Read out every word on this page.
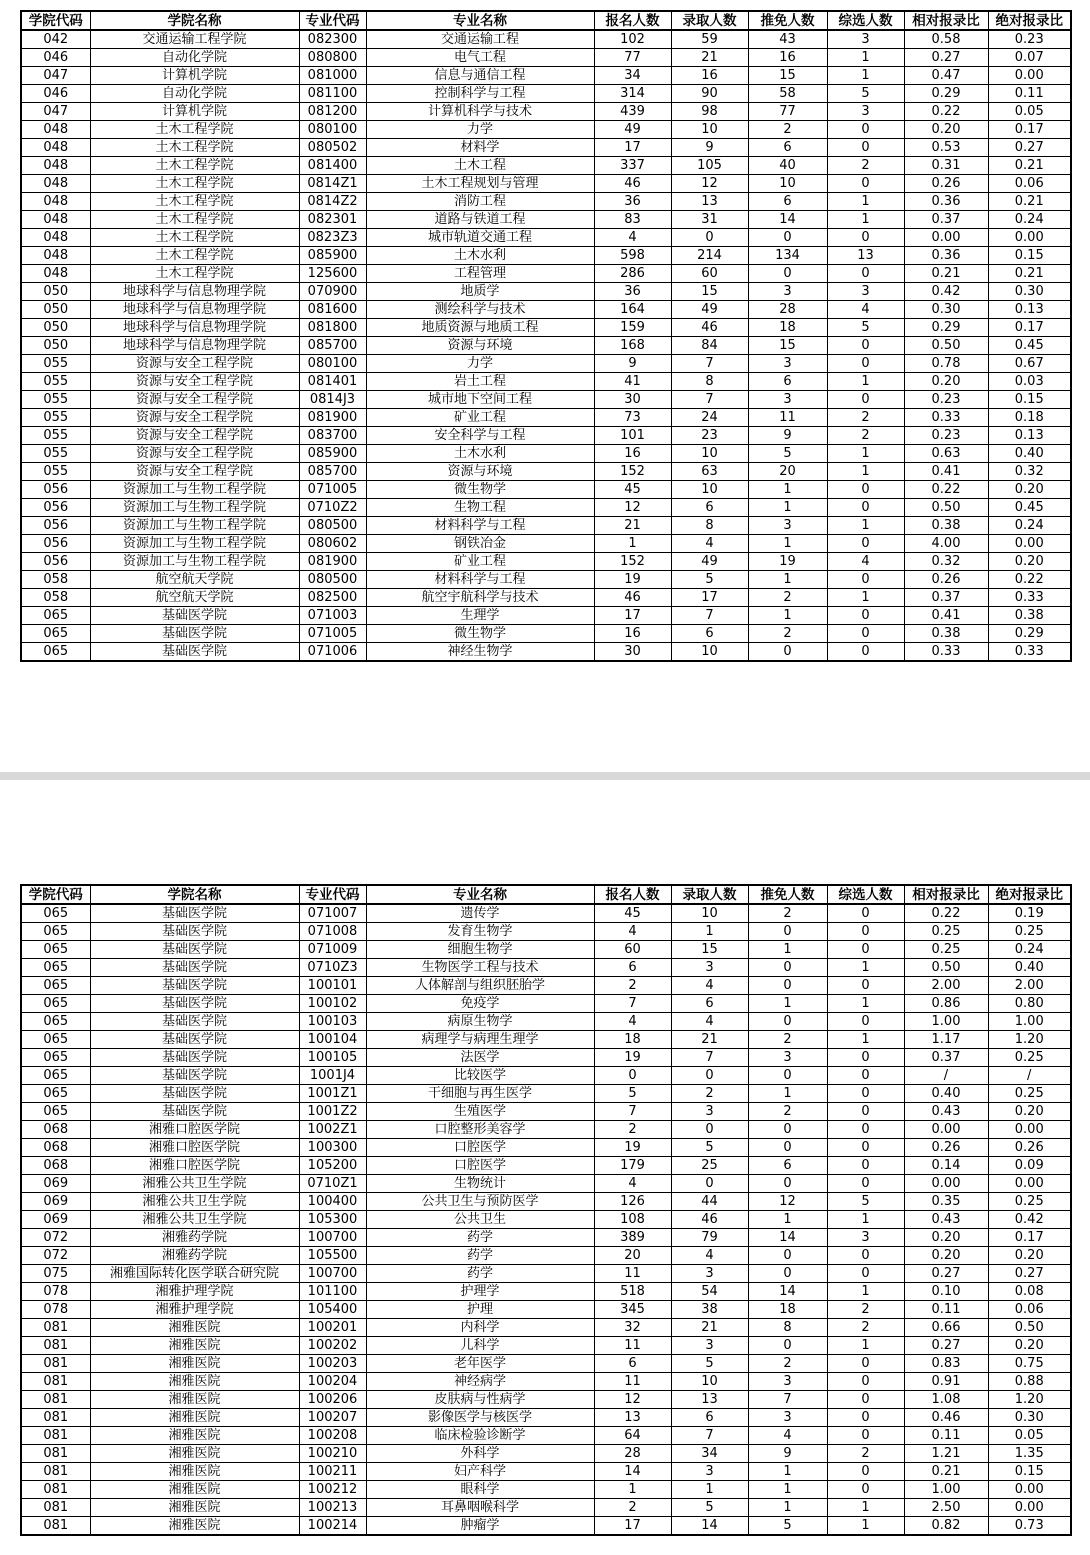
学院代码	学院名称	专业代码	专业名称	报名人数	录取人数	推免人数	综选人数	相对报录比	绝对报录比
042	交通运输工程学院	082300	交通运输工程	102	59	43	3	0.58	0.23
046	自动化学院	080800	电气工程	77	21	16	1	0.27	0.07
047	计算机学院	081000	信息与通信工程	34	16	15	1	0.47	0.00
046	自动化学院	081100	控制科学与工程	314	90	58	5	0.29	0.11
047	计算机学院	081200	计算机科学与技术	439	98	77	3	0.22	0.05
048	土木工程学院	080100	力学	49	10	2	0	0.20	0.17
048	土木工程学院	080502	材料学	17	9	6	0	0.53	0.27
048	土木工程学院	081400	土木工程	337	105	40	2	0.31	0.21
048	土木工程学院	0814Z1	土木工程规划与管理	46	12	10	0	0.26	0.06
048	土木工程学院	0814Z2	消防工程	36	13	6	1	0.36	0.21
048	土木工程学院	082301	道路与铁道工程	83	31	14	1	0.37	0.24
048	土木工程学院	0823Z3	城市轨道交通工程	4	0	0	0	0.00	0.00
048	土木工程学院	085900	土木水利	598	214	134	13	0.36	0.15
048	土木工程学院	125600	工程管理	286	60	0	0	0.21	0.21
050	地球科学与信息物理学院	070900	地质学	36	15	3	3	0.42	0.30
050	地球科学与信息物理学院	081600	测绘科学与技术	164	49	28	4	0.30	0.13
050	地球科学与信息物理学院	081800	地质资源与地质工程	159	46	18	5	0.29	0.17
050	地球科学与信息物理学院	085700	资源与环境	168	84	15	0	0.50	0.45
055	资源与安全工程学院	080100	力学	9	7	3	0	0.78	0.67
055	资源与安全工程学院	081401	岩土工程	41	8	6	1	0.20	0.03
055	资源与安全工程学院	0814J3	城市地下空间工程	30	7	3	0	0.23	0.15
055	资源与安全工程学院	081900	矿业工程	73	24	11	2	0.33	0.18
055	资源与安全工程学院	083700	安全科学与工程	101	23	9	2	0.23	0.13
055	资源与安全工程学院	085900	土木水利	16	10	5	1	0.63	0.40
055	资源与安全工程学院	085700	资源与环境	152	63	20	1	0.41	0.32
056	资源加工与生物工程学院	071005	微生物学	45	10	1	0	0.22	0.20
056	资源加工与生物工程学院	0710Z2	生物工程	12	6	1	0	0.50	0.45
056	资源加工与生物工程学院	080500	材料科学与工程	21	8	3	1	0.38	0.24
056	资源加工与生物工程学院	080602	钢铁冶金	1	4	1	0	4.00	0.00
056	资源加工与生物工程学院	081900	矿业工程	152	49	19	4	0.32	0.20
058	航空航天学院	080500	材料科学与工程	19	5	1	0	0.26	0.22
058	航空航天学院	082500	航空宇航科学与技术	46	17	2	1	0.37	0.33
065	基础医学院	071003	生理学	17	7	1	0	0.41	0.38
065	基础医学院	071005	微生物学	16	6	2	0	0.38	0.29
065	基础医学院	071006	神经生物学	30	10	0	0	0.33	0.33
学院代码	学院名称	专业代码	专业名称	报名人数	录取人数	推免人数	综选人数	相对报录比	绝对报录比
065	基础医学院	071007	遗传学	45	10	2	0	0.22	0.19
065	基础医学院	071008	发育生物学	4	1	0	0	0.25	0.25
065	基础医学院	071009	细胞生物学	60	15	1	0	0.25	0.24
065	基础医学院	0710Z3	生物医学工程与技术	6	3	0	1	0.50	0.40
065	基础医学院	100101	人体解剖与组织胚胎学	2	4	0	0	2.00	2.00
065	基础医学院	100102	免疫学	7	6	1	1	0.86	0.80
065	基础医学院	100103	病原生物学	4	4	0	0	1.00	1.00
065	基础医学院	100104	病理学与病理生理学	18	21	2	1	1.17	1.20
065	基础医学院	100105	法医学	19	7	3	0	0.37	0.25
065	基础医学院	1001J4	比较医学	0	0	0	0	/	/
065	基础医学院	1001Z1	干细胞与再生医学	5	2	1	0	0.40	0.25
065	基础医学院	1001Z2	生殖医学	7	3	2	0	0.43	0.20
068	湘雅口腔医学院	1002Z1	口腔整形美容学	2	0	0	0	0.00	0.00
068	湘雅口腔医学院	100300	口腔医学	19	5	0	0	0.26	0.26
068	湘雅口腔医学院	105200	口腔医学	179	25	6	0	0.14	0.09
069	湘雅公共卫生学院	0710Z1	生物统计	4	0	0	0	0.00	0.00
069	湘雅公共卫生学院	100400	公共卫生与预防医学	126	44	12	5	0.35	0.25
069	湘雅公共卫生学院	105300	公共卫生	108	46	1	1	0.43	0.42
072	湘雅药学院	100700	药学	389	79	14	3	0.20	0.17
072	湘雅药学院	105500	药学	20	4	0	0	0.20	0.20
075	湘雅国际转化医学联合研究院	100700	药学	11	3	0	0	0.27	0.27
078	湘雅护理学院	101100	护理学	518	54	14	1	0.10	0.08
078	湘雅护理学院	105400	护理	345	38	18	2	0.11	0.06
081	湘雅医院	100201	内科学	32	21	8	2	0.66	0.50
081	湘雅医院	100202	儿科学	11	3	0	1	0.27	0.20
081	湘雅医院	100203	老年医学	6	5	2	0	0.83	0.75
081	湘雅医院	100204	神经病学	11	10	3	0	0.91	0.88
081	湘雅医院	100206	皮肤病与性病学	12	13	7	0	1.08	1.20
081	湘雅医院	100207	影像医学与核医学	13	6	3	0	0.46	0.30
081	湘雅医院	100208	临床检验诊断学	64	7	4	0	0.11	0.05
081	湘雅医院	100210	外科学	28	34	9	2	1.21	1.35
081	湘雅医院	100211	妇产科学	14	3	1	0	0.21	0.15
081	湘雅医院	100212	眼科学	1	1	1	0	1.00	0.00
081	湘雅医院	100213	耳鼻咽喉科学	2	5	1	1	2.50	0.00
081	湘雅医院	100214	肿瘤学	17	14	5	1	0.82	0.73
